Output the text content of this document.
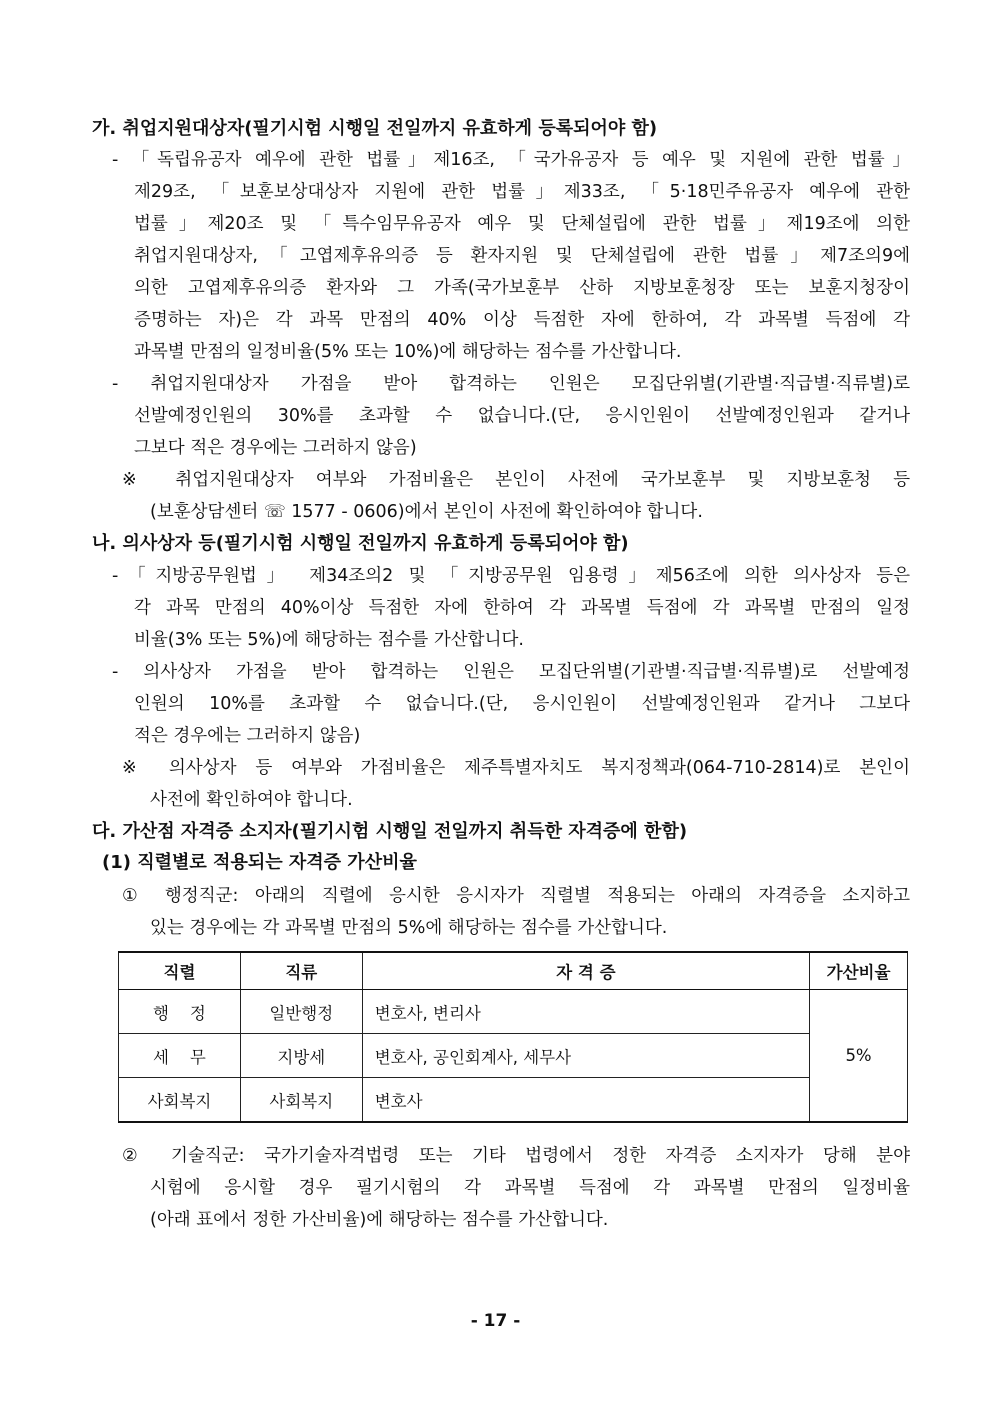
가. 취업지원대상자(필기시험 시행일 전일까지 유효하게 등록되어야 함)
- 「독립유공자 예우에 관한 법률」제16조, 「국가유공자 등 예우 및 지원에 관한 법률」
제29조, 「보훈보상대상자 지원에 관한 법률」제33조, 「5·18민주유공자 예우에 관한
법률」제20조 및 「특수임무유공자 예우 및 단체설립에 관한 법률」제19조에 의한
취업지원대상자,「고엽제후유의증 등 환자지원 및 단체설립에 관한 법률」제7조의9에
의한 고엽제후유의증 환자와 그 가족(국가보훈부 산하 지방보훈청장 또는 보훈지청장이
증명하는 자)은 각 과목 만점의 40% 이상 득점한 자에 한하여, 각 과목별 득점에 각
과목별 만점의 일정비율(5% 또는 10%)에 해당하는 점수를 가산합니다.
- 취업지원대상자 가점을 받아 합격하는 인원은 모집단위별(기관별·직급별·직류별)로
선발예정인원의 30%를 초과할 수 없습니다.(단, 응시인원이 선발예정인원과 같거나
그보다 적은 경우에는 그러하지 않음)
※ 취업지원대상자 여부와 가점비율은 본인이 사전에 국가보훈부 및 지방보훈청 등
(보훈상담센터 ☏ 1577 - 0606)에서 본인이 사전에 확인하여야 합니다.
나. 의사상자 등(필기시험 시행일 전일까지 유효하게 등록되어야 함)
-「지방공무원법」 제34조의2 및 「지방공무원 임용령」제56조에 의한 의사상자 등은
각 과목 만점의 40%이상 득점한 자에 한하여 각 과목별 득점에 각 과목별 만점의 일정
비율(3% 또는 5%)에 해당하는 점수를 가산합니다.
- 의사상자 가점을 받아 합격하는 인원은 모집단위별(기관별·직급별·직류별)로 선발예정
인원의 10%를 초과할 수 없습니다.(단, 응시인원이 선발예정인원과 같거나 그보다
적은 경우에는 그러하지 않음)
※ 의사상자 등 여부와 가점비율은 제주특별자치도 복지정책과(064-710-2814)로 본인이
사전에 확인하여야 합니다.
다. 가산점 자격증 소지자(필기시험 시행일 전일까지 취득한 자격증에 한함)
(1) 직렬별로 적용되는 자격증 가산비율
① 행정직군: 아래의 직렬에 응시한 응시자가 직렬별 적용되는 아래의 자격증을 소지하고
있는 경우에는 각 과목별 만점의 5%에 해당하는 점수를 가산합니다.
직렬	직류	자 격 증	가산비율
행    정	일반행정	변호사, 변리사	5%
세    무	지방세	변호사, 공인회계사, 세무사	
사회복지	사회복지	변호사	
② 기술직군: 국가기술자격법령 또는 기타 법령에서 정한 자격증 소지자가 당해 분야
시험에 응시할 경우 필기시험의 각 과목별 득점에 각 과목별 만점의 일정비율
(아래 표에서 정한 가산비율)에 해당하는 점수를 가산합니다.
- 17 -
